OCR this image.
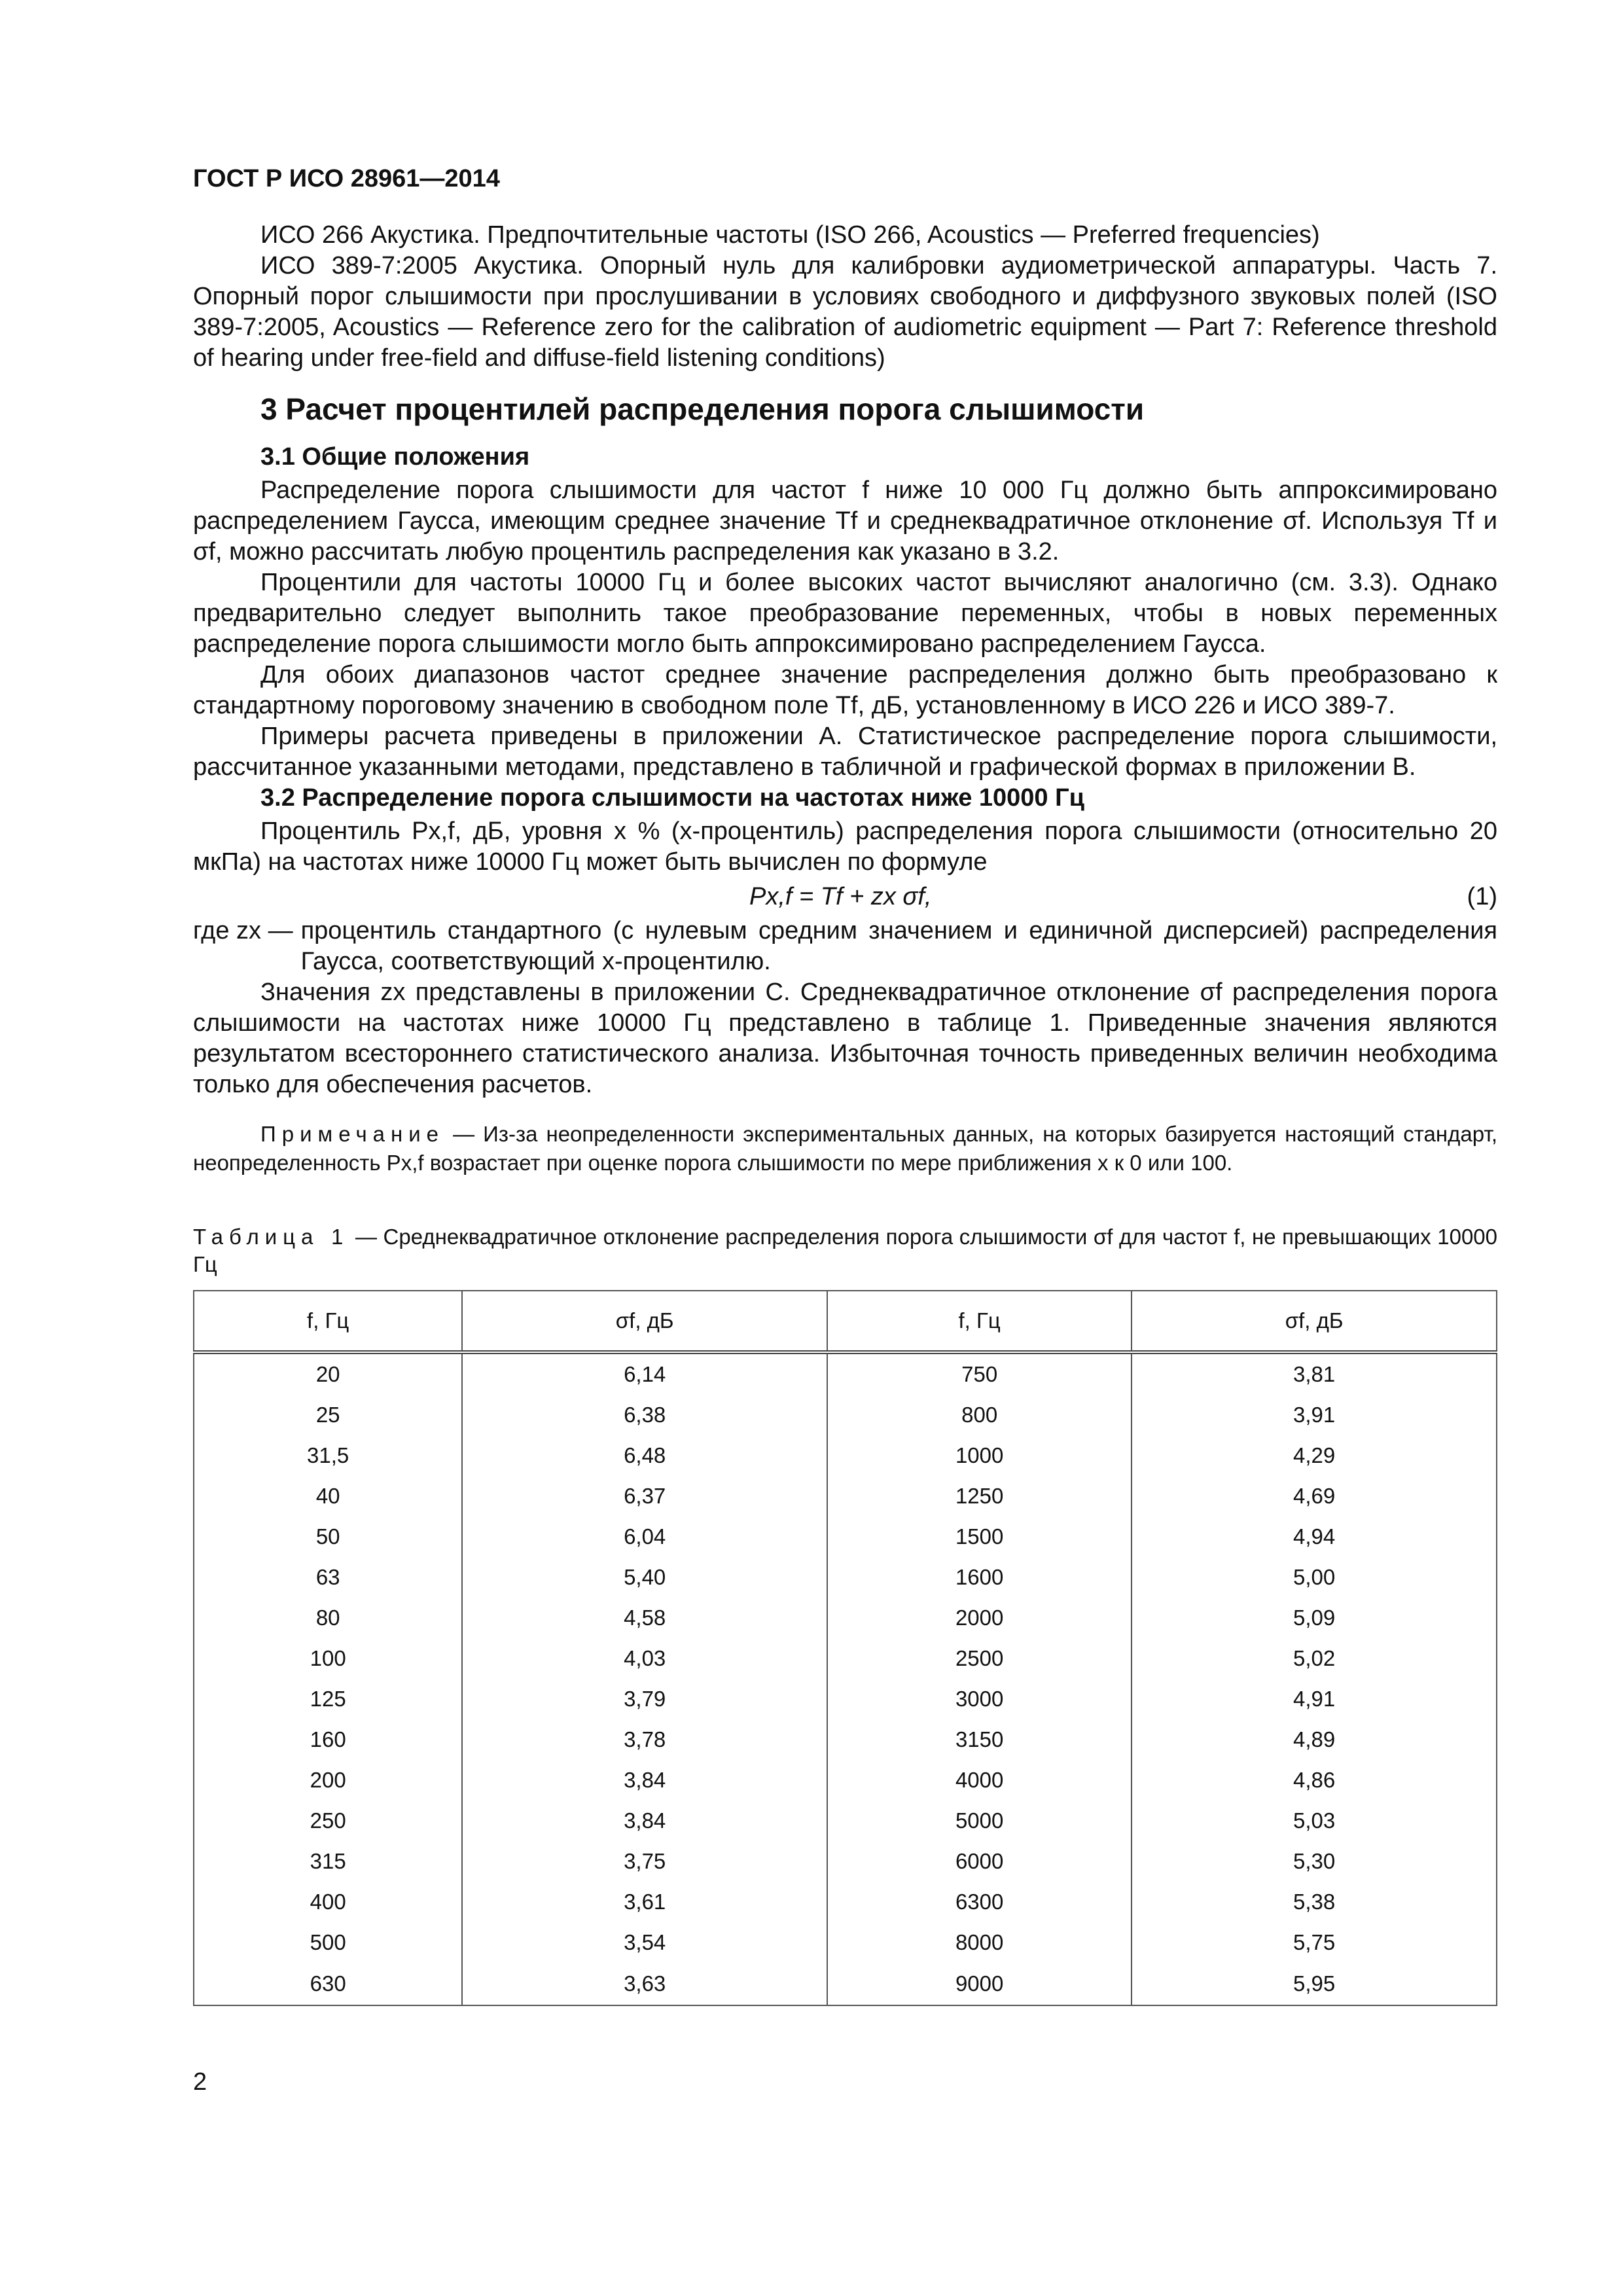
ГОСТ Р ИСО 28961—2014

ИСО 266 Акустика. Предпочтительные частоты (ISO 266, Acoustics — Preferred frequencies)

ИСО 389-7:2005 Акустика. Опорный нуль для калибровки аудиометрической аппаратуры. Часть 7. Опорный порог слышимости при прослушивании в условиях свободного и диффузного звуковых полей (ISO 389-7:2005, Acoustics — Reference zero for the calibration of audiometric equipment — Part 7: Reference threshold of hearing under free-field and diffuse-field listening conditions)

3 Расчет процентилей распределения порога слышимости
3.1 Общие положения

Распределение порога слышимости для частот f ниже 10 000 Гц должно быть аппроксимировано распределением Гаусса, имеющим среднее значение Tf и среднеквадратичное отклонение σf. Используя Tf и σf, можно рассчитать любую процентиль распределения как указано в 3.2.

Процентили для частоты 10000 Гц и более высоких частот вычисляют аналогично (см. 3.3). Однако предварительно следует выполнить такое преобразование переменных, чтобы в новых переменных распределение порога слышимости могло быть аппроксимировано распределением Гаусса.

Для обоих диапазонов частот среднее значение распределения должно быть преобразовано к стандартному пороговому значению в свободном поле Tf, дБ, установленному в ИСО 226 и ИСО 389-7.

Примеры расчета приведены в приложении А. Статистическое распределение порога слышимости, рассчитанное указанными методами, представлено в табличной и графической формах в приложении В.

3.2 Распределение порога слышимости на частотах ниже 10000 Гц

Процентиль Px,f, дБ, уровня x % (x-процентиль) распределения порога слышимости (относительно 20 мкПа) на частотах ниже 10000 Гц может быть вычислен по формуле

Px,f = Tf + zx σf,	(1)
где zx — процентиль стандартного (с нулевым средним значением и единичной дисперсией) распределения Гаусса, соответствующий x-процентилю.

Значения zx представлены в приложении С. Среднеквадратичное отклонение σf распределения порога слышимости на частотах ниже 10000 Гц представлено в таблице 1. Приведенные значения являются результатом всестороннего статистического анализа. Избыточная точность приведенных величин необходима только для обеспечения расчетов.

Примечание — Из-за неопределенности экспериментальных данных, на которых базируется настоящий стандарт, неопределенность Px,f возрастает при оценке порога слышимости по мере приближения x к 0 или 100.
Таблица 1 — Среднеквадратичное отклонение распределения порога слышимости σf для частот f, не превышающих 10000 Гц
f, Гц	σf, дБ	f, Гц	σf, дБ
20	6,14	750	3,81
25	6,38	800	3,91
31,5	6,48	1000	4,29
40	6,37	1250	4,69
50	6,04	1500	4,94
63	5,40	1600	5,00
80	4,58	2000	5,09
100	4,03	2500	5,02
125	3,79	3000	4,91
160	3,78	3150	4,89
200	3,84	4000	4,86
250	3,84	5000	5,03
315	3,75	6000	5,30
400	3,61	6300	5,38
500	3,54	8000	5,75
630	3,63	9000	5,95
2
